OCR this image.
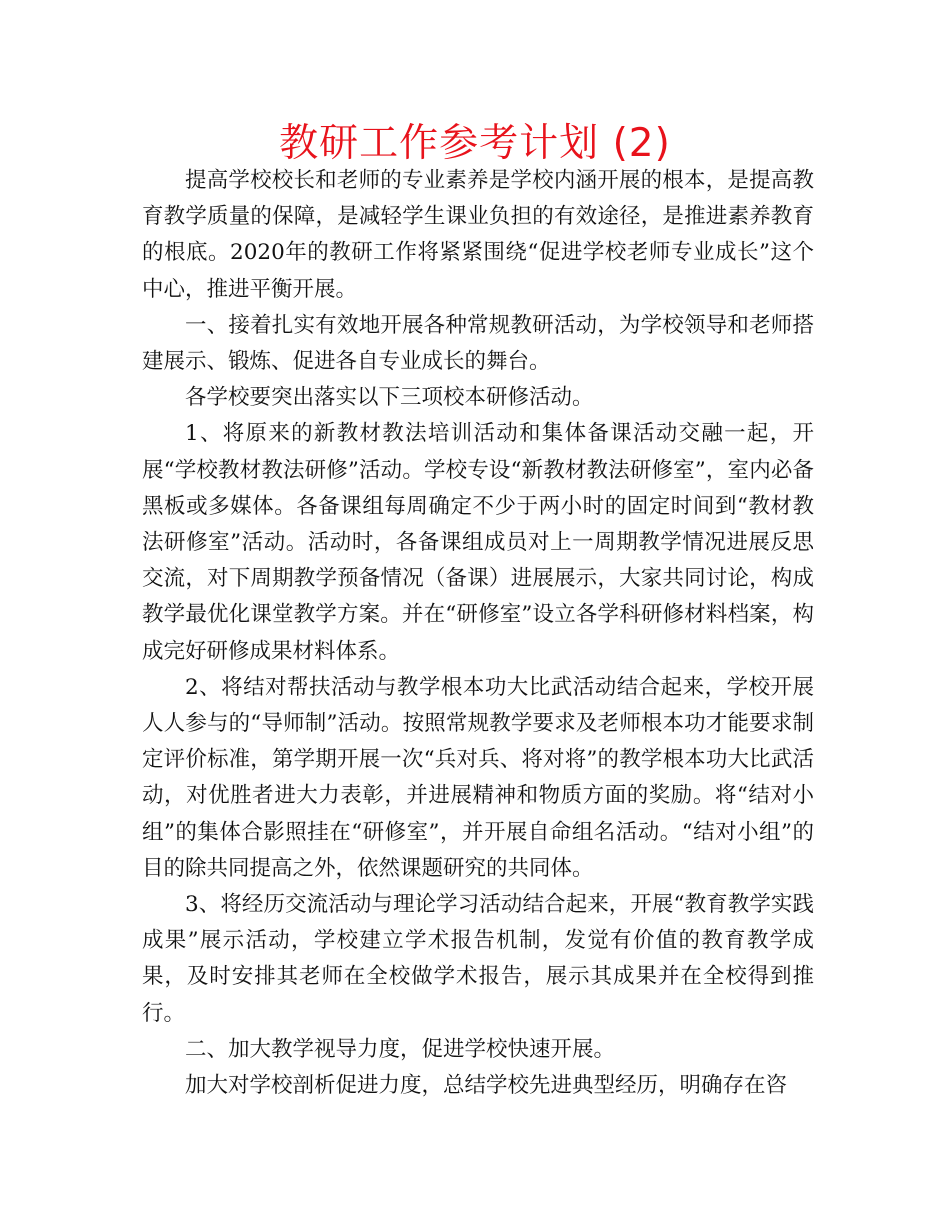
教研工作参考计划 (2)

提高学校校长和老师的专业素养是学校内涵开展的根本，是提高教育教学质量的保障，是减轻学生课业负担的有效途径，是推进素养教育的根底。2020年的教研工作将紧紧围绕“促进学校老师专业成长”这个中心，推进平衡开展。

一、接着扎实有效地开展各种常规教研活动，为学校领导和老师搭建展示、锻炼、促进各自专业成长的舞台。

各学校要突出落实以下三项校本研修活动。

1、将原来的新教材教法培训活动和集体备课活动交融一起，开展“学校教材教法研修”活动。学校专设“新教材教法研修室”，室内必备黑板或多媒体。各备课组每周确定不少于两小时的固定时间到“教材教法研修室”活动。活动时，各备课组成员对上一周期教学情况进展反思交流，对下周期教学预备情况（备课）进展展示，大家共同讨论，构成教学最优化课堂教学方案。并在“研修室”设立各学科研修材料档案，构成完好研修成果材料体系。

2、将结对帮扶活动与教学根本功大比武活动结合起来，学校开展人人参与的“导师制”活动。按照常规教学要求及老师根本功才能要求制定评价标准，第学期开展一次“兵对兵、将对将”的教学根本功大比武活动，对优胜者进大力表彰，并进展精神和物质方面的奖励。将“结对小组”的集体合影照挂在“研修室”，并开展自命组名活动。“结对小组”的目的除共同提高之外，依然课题研究的共同体。

3、将经历交流活动与理论学习活动结合起来，开展“教育教学实践成果”展示活动，学校建立学术报告机制，发觉有价值的教育教学成果，及时安排其老师在全校做学术报告，展示其成果并在全校得到推行。

二、加大教学视导力度，促进学校快速开展。

加大对学校剖析促进力度，总结学校先进典型经历，明确存在咨
